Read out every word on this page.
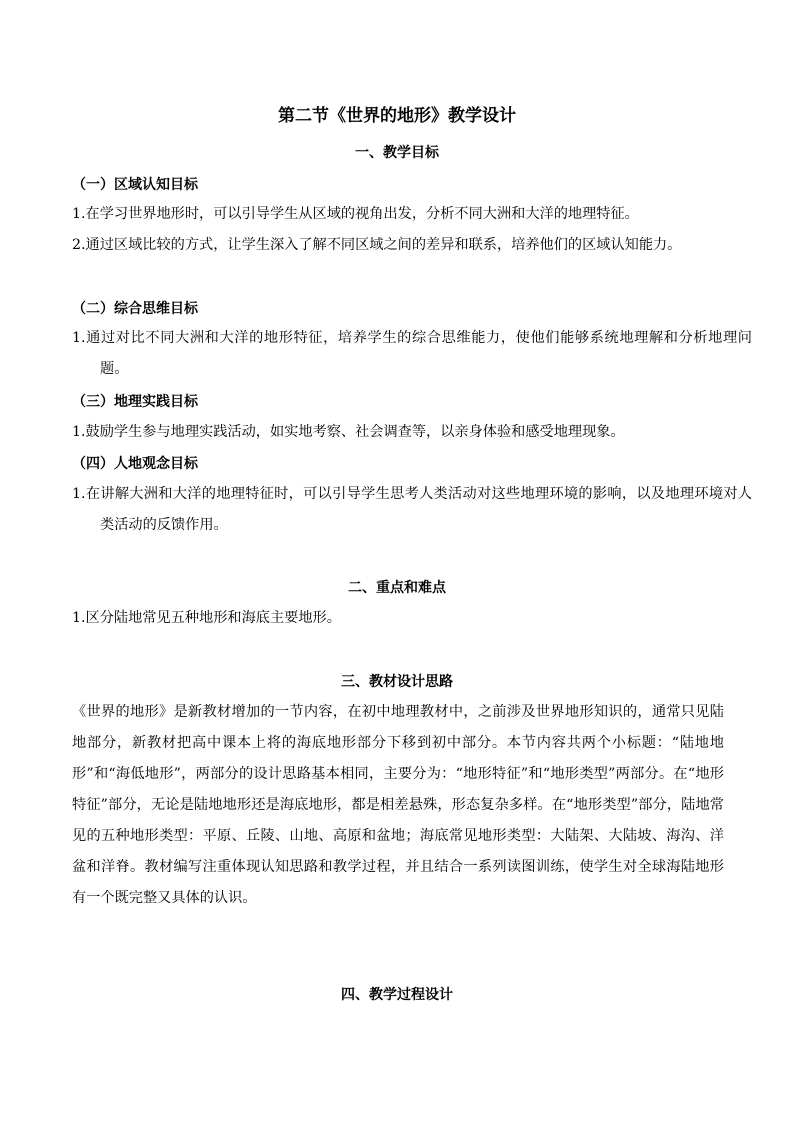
第二节《世界的地形》教学设计
一、教学目标
（一）区域认知目标
1.在学习世界地形时，可以引导学生从区域的视角出发，分析不同大洲和大洋的地理特征。
2.通过区域比较的方式，让学生深入了解不同区域之间的差异和联系，培养他们的区域认知能力。
（二）综合思维目标
1.通过对比不同大洲和大洋的地形特征，培养学生的综合思维能力，使他们能够系统地理解和分析地理问题。
（三）地理实践目标
1.鼓励学生参与地理实践活动，如实地考察、社会调查等，以亲身体验和感受地理现象。
（四）人地观念目标
1.在讲解大洲和大洋的地理特征时，可以引导学生思考人类活动对这些地理环境的影响，以及地理环境对人类活动的反馈作用。
二、重点和难点
1.区分陆地常见五种地形和海底主要地形。
三、教材设计思路
《世界的地形》是新教材增加的一节内容，在初中地理教材中，之前涉及世界地形知识的，通常只见陆地部分，新教材把高中课本上将的海底地形部分下移到初中部分。本节内容共两个小标题：“陆地地形”和“海低地形”，两部分的设计思路基本相同，主要分为：“地形特征”和“地形类型”两部分。在“地形特征”部分，无论是陆地地形还是海底地形，都是相差悬殊，形态复杂多样。在“地形类型”部分，陆地常见的五种地形类型：平原、丘陵、山地、高原和盆地；海底常见地形类型：大陆架、大陆坡、海沟、洋盆和洋脊。教材编写注重体现认知思路和教学过程，并且结合一系列读图训练，使学生对全球海陆地形有一个既完整又具体的认识。
四、教学过程设计
